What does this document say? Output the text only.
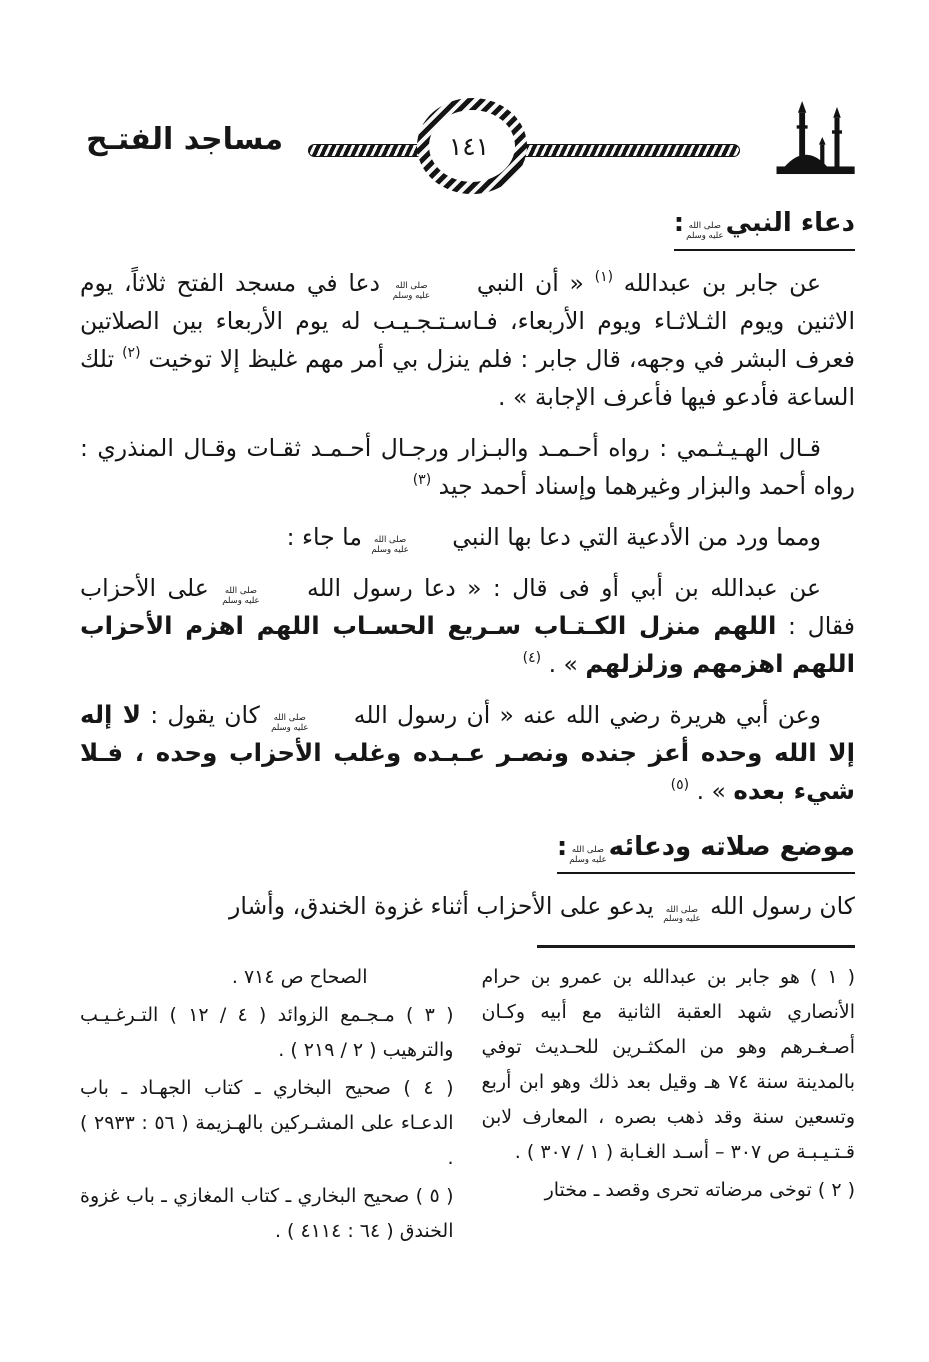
مساجد الفتـح	١٤١
دعاء النبي
صلى الله
عليه وسلم
:

عن جابر بن عبدالله $^{(١)}$ « أن النبي
صلى الله
عليه وسلم
دعا في مسجد الفتح ثلاثاً، يوم الاثنين ويوم الثـلاثـاء ويوم الأربعاء، فـاسـتـجـيـب له يوم الأربعاء بين الصلاتين فعرف البشر في وجهه، قال جابر : فلم ينزل بي أمر مهم غليظ إلا توخيت $^{(٢)}$ تلك الساعة فأدعو فيها فأعرف الإجابة » .

قـال الهـيـثـمي : رواه أحـمـد والبـزار ورجـال أحـمـد ثقـات وقـال المنذري : رواه أحمد والبزار وغيرهما وإسناد أحمد جيد $^{(٣)}$

ومما ورد من الأدعية التي دعا بها النبي
صلى الله
عليه وسلم
ما جاء :

عن عبدالله بن أبي أو فى قال : « دعا رسول الله
صلى الله
عليه وسلم
على الأحزاب فقال : اللهم منزل الكـتـاب سـريع الحسـاب اللهم اهزم الأحزاب اللهم اهزمهم وزلزلهم » . $^{(٤)}$

وعن أبي هريرة رضي الله عنه « أن رسول الله
صلى الله
عليه وسلم
كان يقول : لا إله إلا الله وحده أعز جنده ونصـر عـبـده وغلب الأحزاب وحده ، فـلا شيء بعده » . $^{(٥)}$

موضع صلاته ودعائه
صلى الله
عليه وسلم
:

كان رسول الله
صلى الله
عليه وسلم
يدعو على الأحزاب أثناء غزوة الخندق، وأشار

( ١ ) هو جابر بن عبدالله بن عمرو بن حرام الأنصاري شهد العقبة الثانية مع أبيه وكـان أصـغـرهم وهو من المكثـرين للحـديث توفي بالمدينة سنة ٧٤ هـ وقيل بعد ذلك وهو ابن أربع وتسعين سنة وقد ذهب بصره ، المعارف لابن قـتـيـبـة ص ٣٠٧ – أسـد الغـابة ( ١ / ٣٠٧ ) .

( ٢ ) توخى مرضاته تحرى وقصد ـ مختار

الصحاح ص ٧١٤ .

( ٣ ) مـجـمع الزوائد ( ٤ / ١٢ ) التـرغـيـب والترهيب ( ٢ / ٢١٩ ) .

( ٤ ) صحيح البخاري ـ كتاب الجهـاد ـ باب الدعـاء على المشـركين بالهـزيمة ( ٥٦ : ٢٩٣٣ ) .

( ٥ ) صحيح البخاري ـ كتاب المغازي ـ باب غزوة الخندق ( ٦٤ : ٤١١٤ ) .
